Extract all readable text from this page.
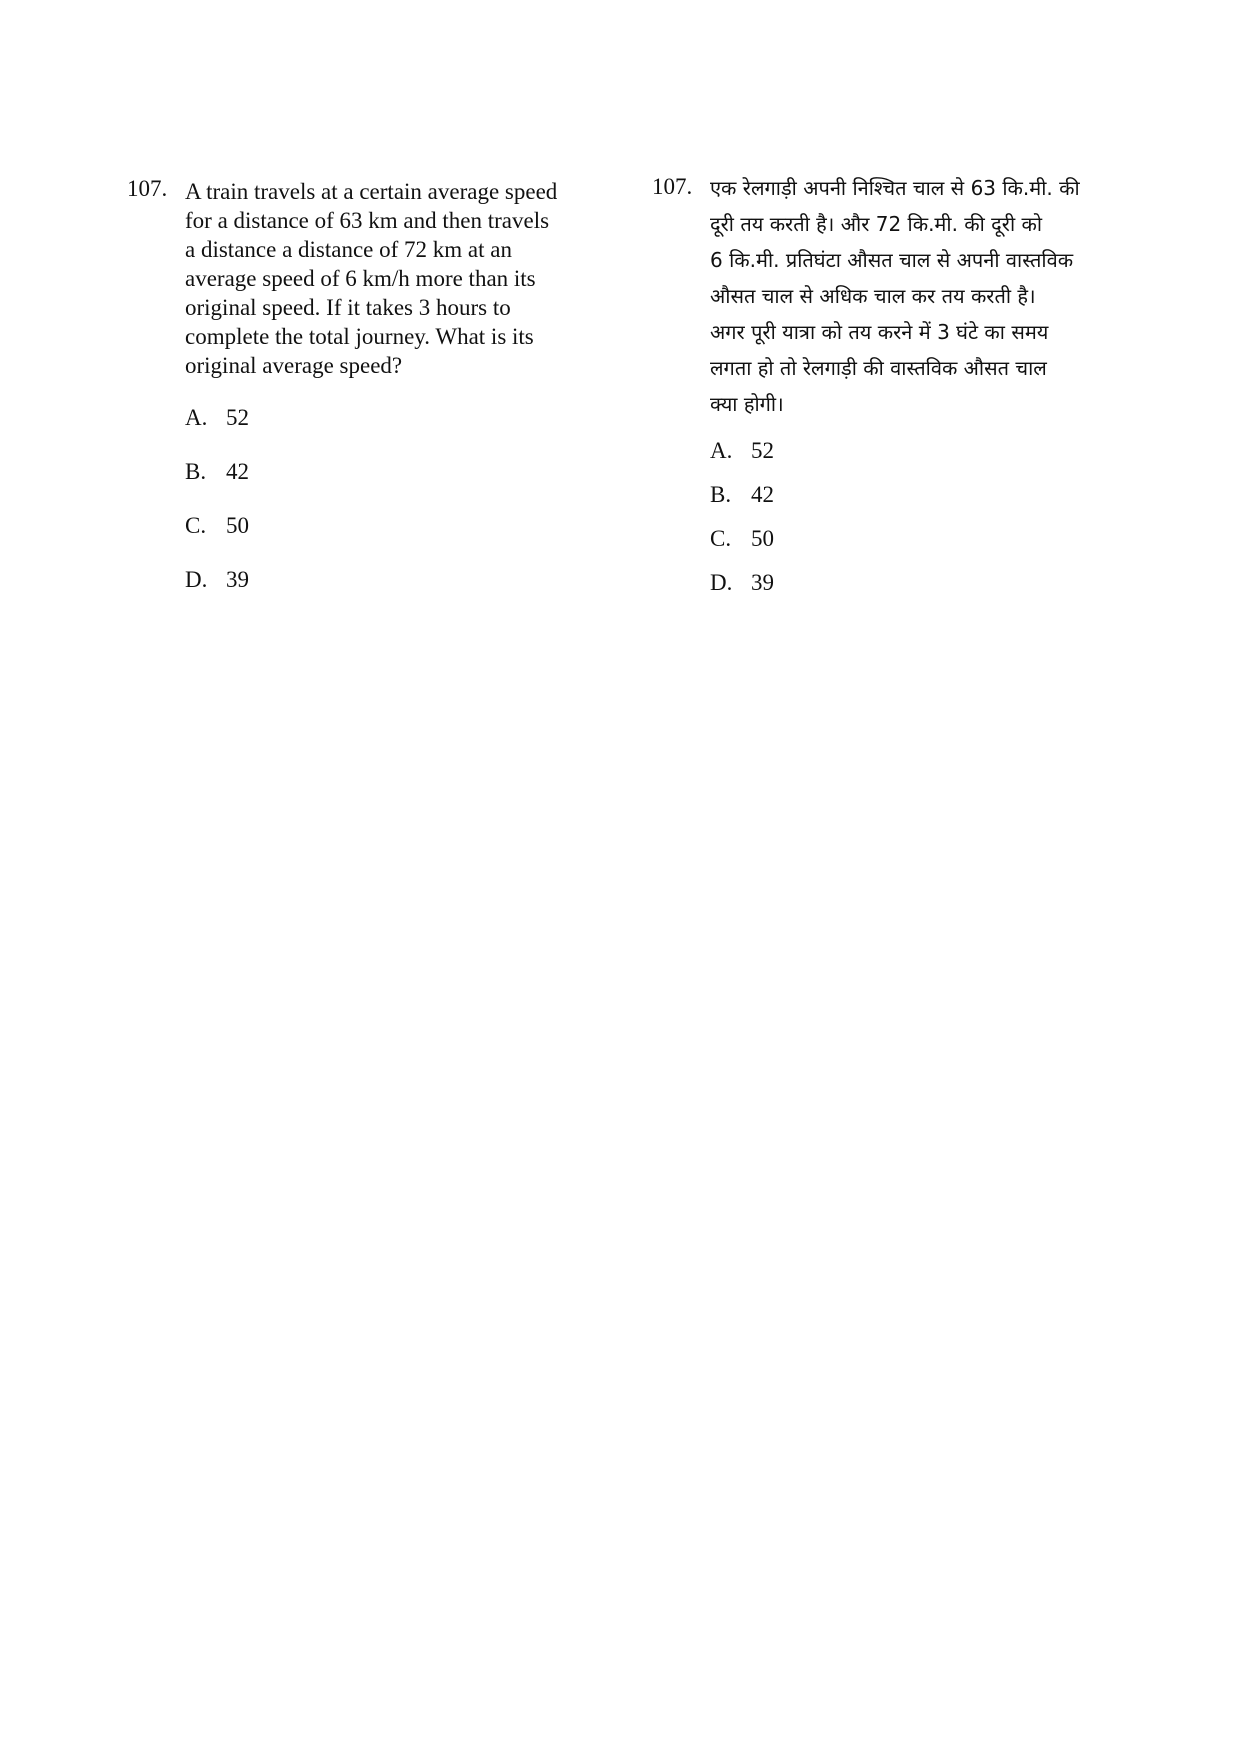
107. A train travels at a certain average speed
for a distance of 63 km and then travels
a distance a distance of 72 km at an
average speed of 6 km/h more than its
original speed. If it takes 3 hours to
complete the total journey. What is its
original average speed?
A. 52
B. 42
C. 50
D. 39
107. एक रेलगाड़ी अपनी निश्चित चाल से 63 कि.मी. की
दूरी तय करती है। और 72 कि.मी. की दूरी को
6 कि.मी. प्रतिघंटा औसत चाल से अपनी वास्तविक
औसत चाल से अधिक चाल कर तय करती है।
अगर पूरी यात्रा को तय करने में 3 घंटे का समय
लगता हो तो रेलगाड़ी की वास्तविक औसत चाल
क्या होगी।
A. 52
B. 42
C. 50
D. 39
